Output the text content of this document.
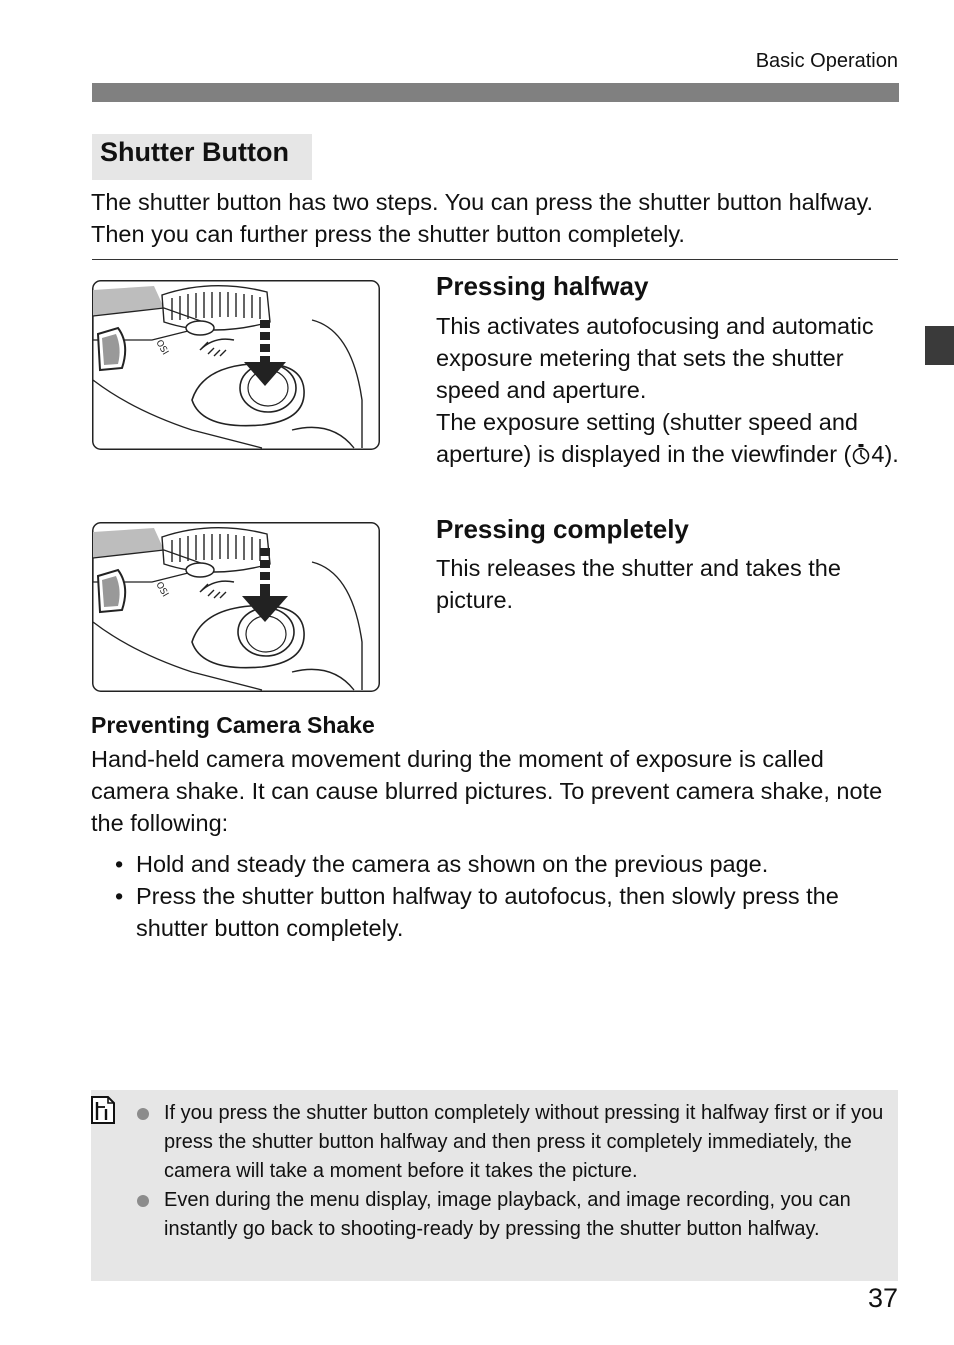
Basic Operation
Shutter Button
The shutter button has two steps. You can press the shutter button halfway. Then you can further press the shutter button completely.
OSI
OSI
Pressing halfway
This activates autofocusing and automatic exposure metering that sets the shutter speed and aperture.
The exposure setting (shutter speed and aperture) is displayed in the viewfinder ( 4).
Pressing completely
This releases the shutter and takes the picture.
Preventing Camera Shake
Hand-held camera movement during the moment of exposure is called camera shake. It can cause blurred pictures. To prevent camera shake, note the following:
• Hold and steady the camera as shown on the previous page.
• Press the shutter button halfway to autofocus, then slowly press the shutter button completely.
If you press the shutter button completely without pressing it halfway first or if you press the shutter button halfway and then press it completely immediately, the camera will take a moment before it takes the picture.
Even during the menu display, image playback, and image recording, you can instantly go back to shooting-ready by pressing the shutter button halfway.
37
